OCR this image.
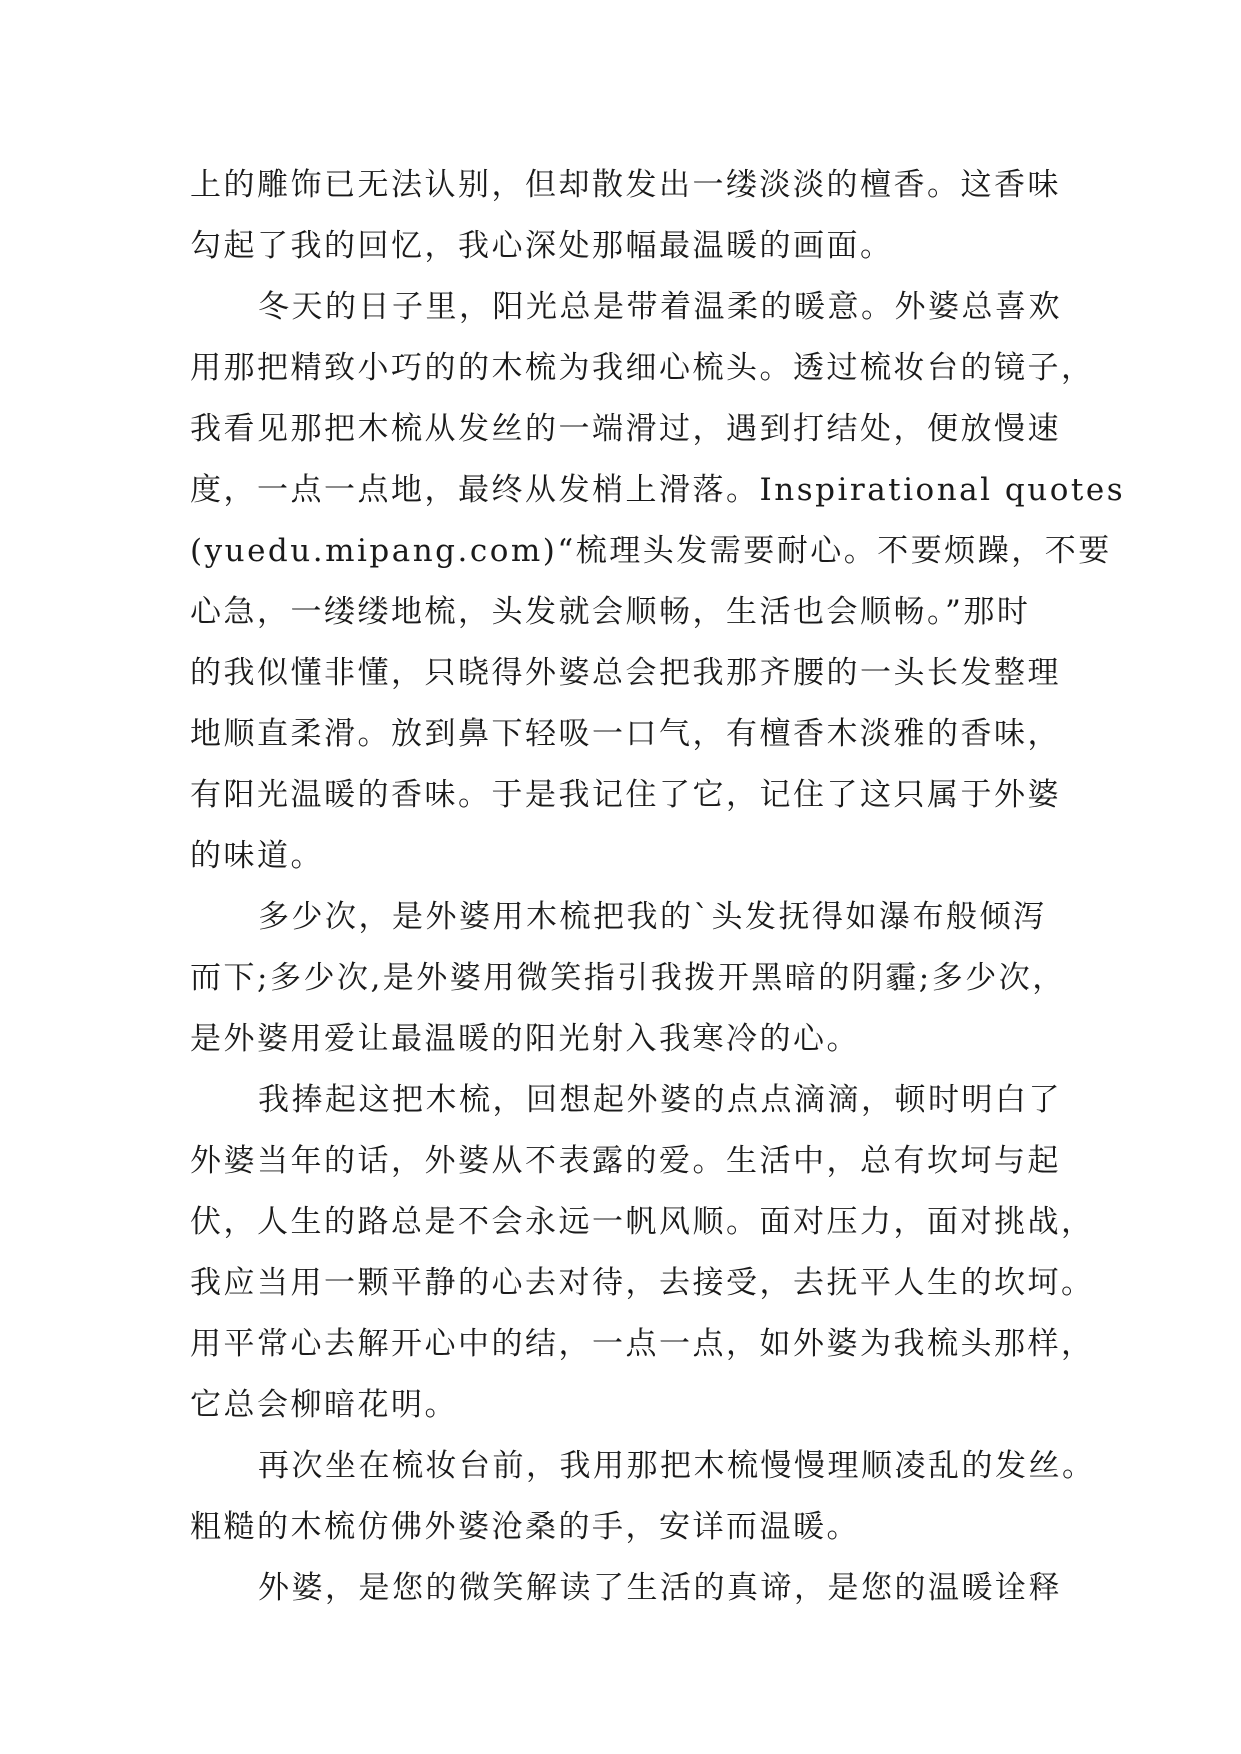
上的雕饰已无法认别，但却散发出一缕淡淡的檀香。这香味
勾起了我的回忆，我心深处那幅最温暖的画面。
冬天的日子里，阳光总是带着温柔的暖意。外婆总喜欢
用那把精致小巧的的木梳为我细心梳头。透过梳妆台的镜子，
我看见那把木梳从发丝的一端滑过，遇到打结处，便放慢速
度，一点一点地，最终从发梢上滑落。Inspirational quotes
(yuedu.mipang.com)“梳理头发需要耐心。不要烦躁，不要
心急，一缕缕地梳，头发就会顺畅，生活也会顺畅。”那时
的我似懂非懂，只晓得外婆总会把我那齐腰的一头长发整理
地顺直柔滑。放到鼻下轻吸一口气，有檀香木淡雅的香味，
有阳光温暖的香味。于是我记住了它，记住了这只属于外婆
的味道。
多少次，是外婆用木梳把我的`头发抚得如瀑布般倾泻
而下;多少次,是外婆用微笑指引我拨开黑暗的阴霾;多少次，
是外婆用爱让最温暖的阳光射入我寒冷的心。
我捧起这把木梳，回想起外婆的点点滴滴，顿时明白了
外婆当年的话，外婆从不表露的爱。生活中，总有坎坷与起
伏，人生的路总是不会永远一帆风顺。面对压力，面对挑战，
我应当用一颗平静的心去对待，去接受，去抚平人生的坎坷。
用平常心去解开心中的结，一点一点，如外婆为我梳头那样，
它总会柳暗花明。
再次坐在梳妆台前，我用那把木梳慢慢理顺凌乱的发丝。
粗糙的木梳仿佛外婆沧桑的手，安详而温暖。
外婆，是您的微笑解读了生活的真谛，是您的温暖诠释
